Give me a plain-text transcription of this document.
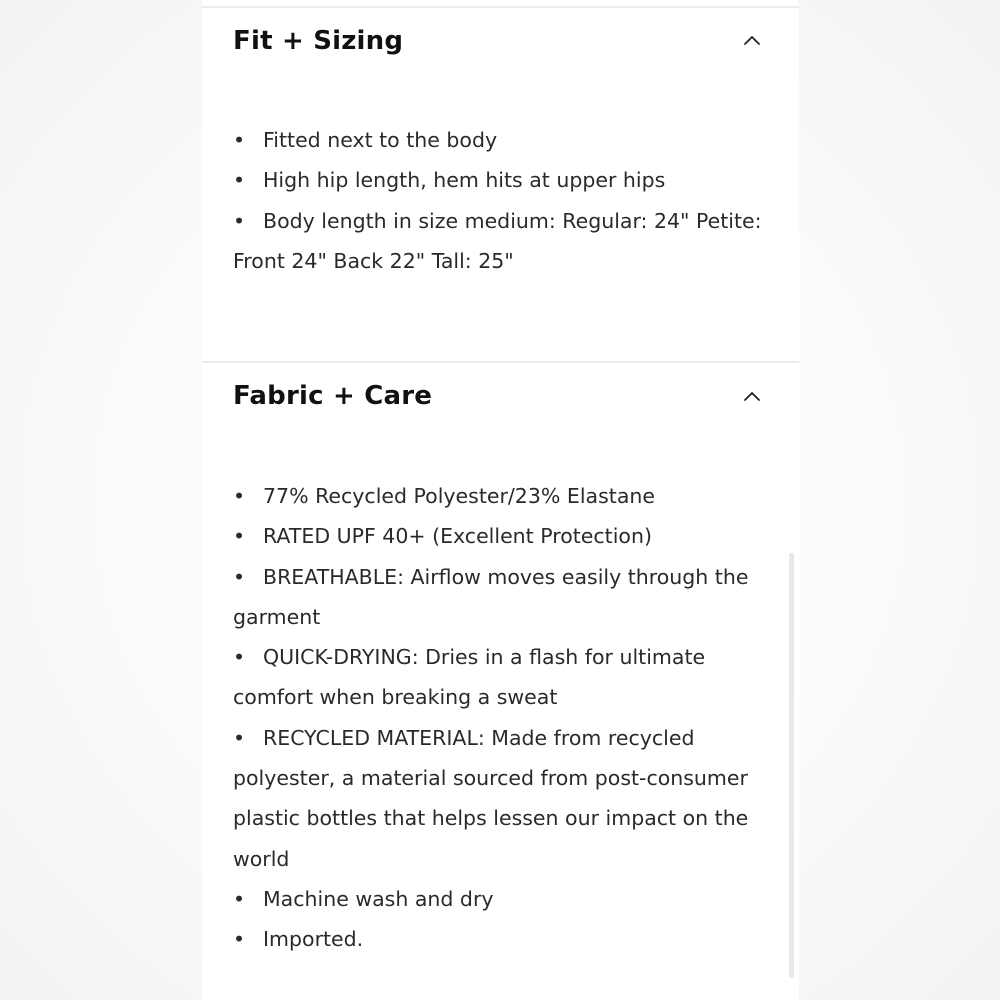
Fit + Sizing
• Fitted next to the body
• High hip length, hem hits at upper hips
• Body length in size medium: Regular: 24" Petite: Front 24" Back 22" Tall: 25"
Fabric + Care
• 77% Recycled Polyester/23% Elastane
• RATED UPF 40+ (Excellent Protection)
• BREATHABLE: Airflow moves easily through the garment
• QUICK-DRYING: Dries in a flash for ultimate comfort when breaking a sweat
• RECYCLED MATERIAL: Made from recycled polyester, a material sourced from post-consumer plastic bottles that helps lessen our impact on the world
• Machine wash and dry
• Imported.
